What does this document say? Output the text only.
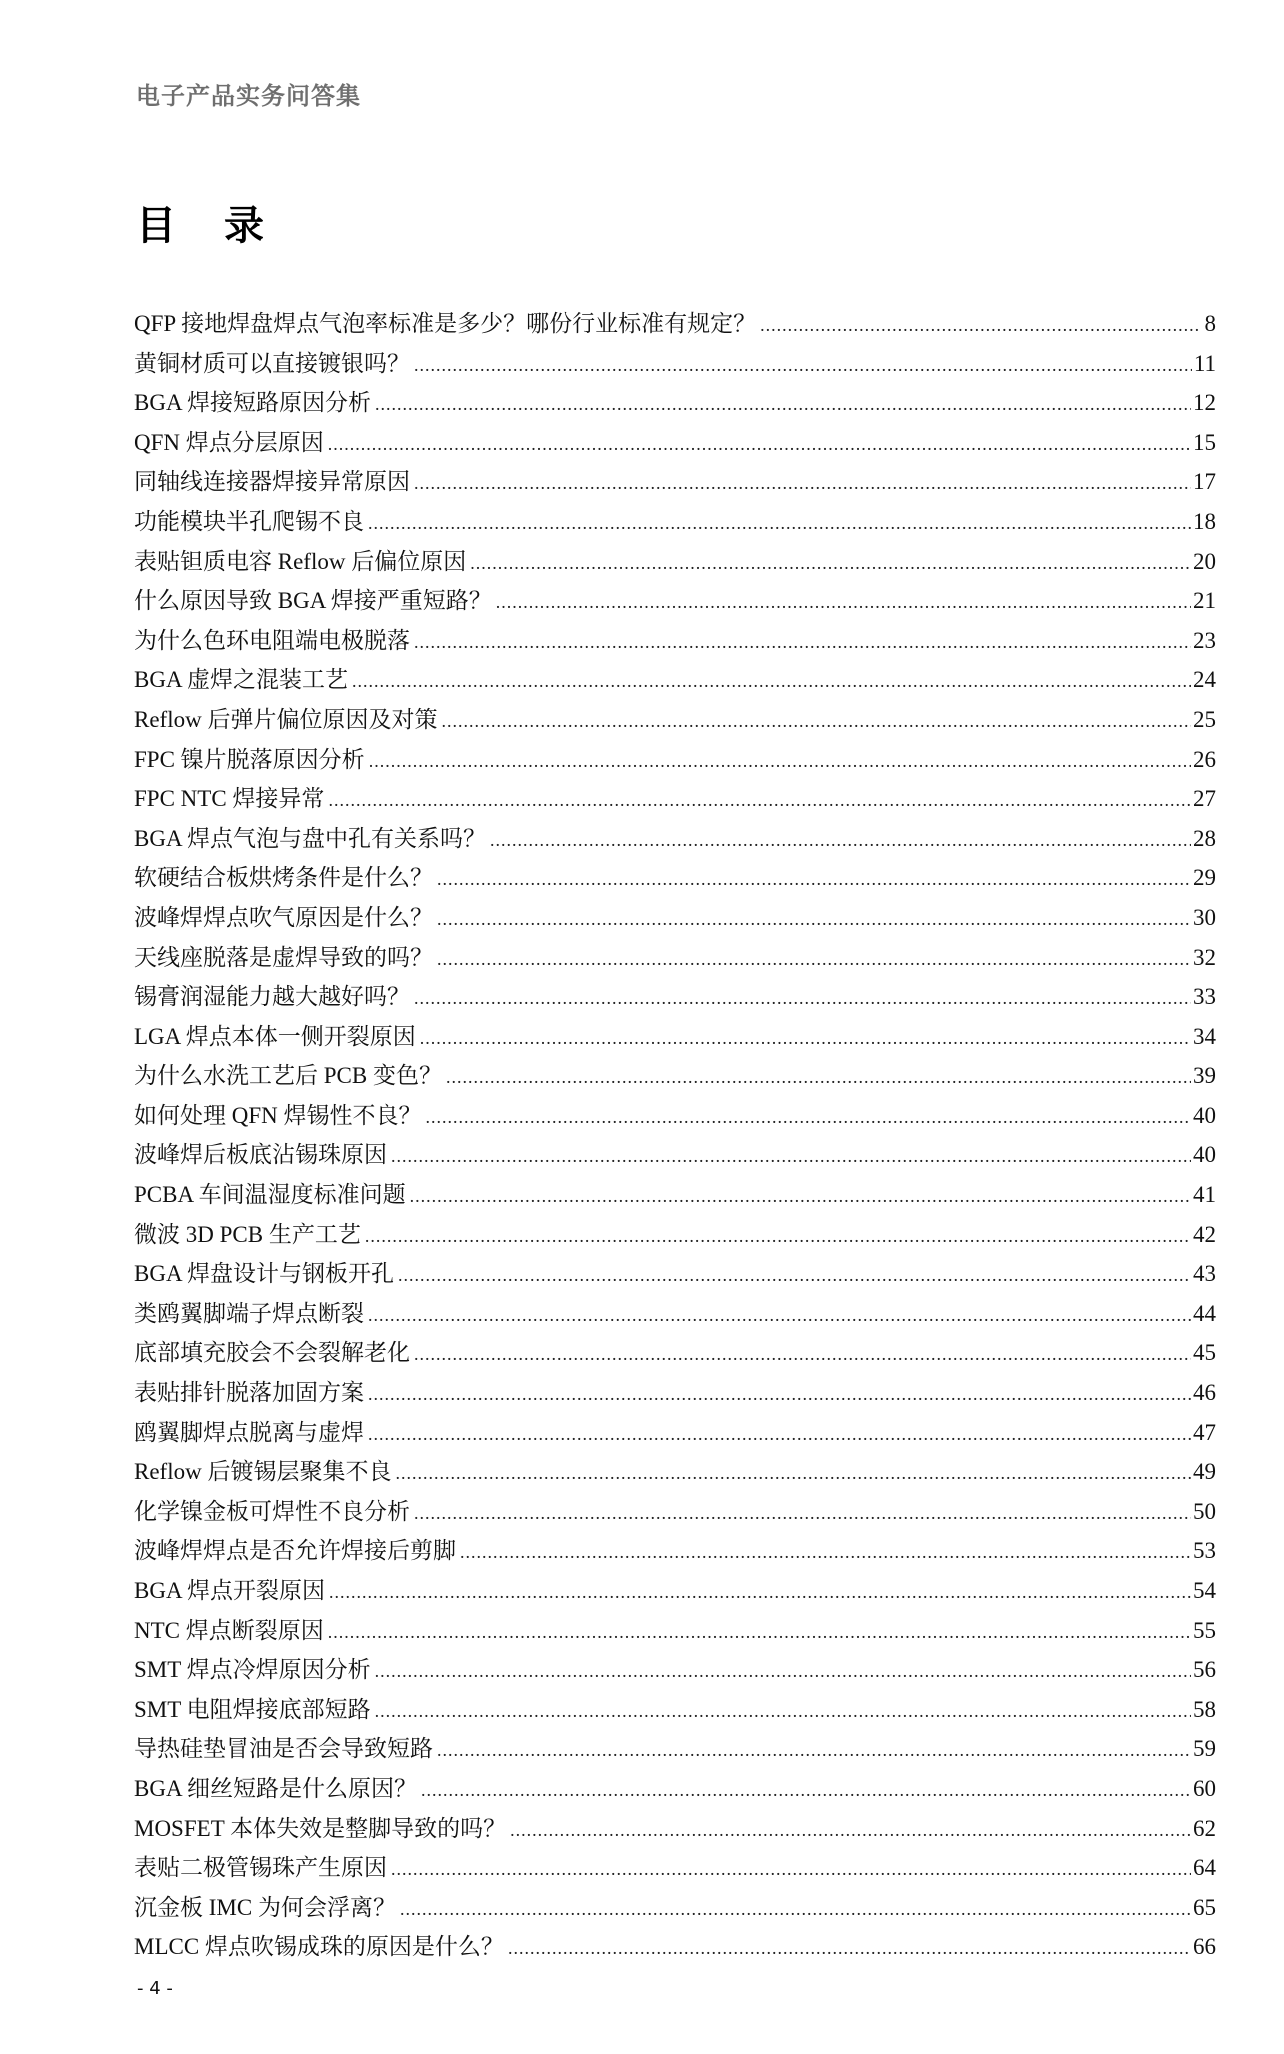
电子产品实务问答集
目 录
QFP 接地焊盘焊点气泡率标准是多少？哪份行业标准有规定？ .....	8
黄铜材质可以直接镀银吗？ .....	11
BGA 焊接短路原因分析 .....	12
QFN 焊点分层原因 .....	15
同轴线连接器焊接异常原因 .....	17
功能模块半孔爬锡不良 .....	18
表贴钽质电容 Reflow 后偏位原因 .....	20
什么原因导致 BGA 焊接严重短路？ .....	21
为什么色环电阻端电极脱落 .....	23
BGA 虚焊之混装工艺 .....	24
Reflow 后弹片偏位原因及对策 .....	25
FPC 镍片脱落原因分析 .....	26
FPC NTC 焊接异常 .....	27
BGA 焊点气泡与盘中孔有关系吗？ .....	28
软硬结合板烘烤条件是什么？ .....	29
波峰焊焊点吹气原因是什么？ .....	30
天线座脱落是虚焊导致的吗？ .....	32
锡膏润湿能力越大越好吗？ .....	33
LGA 焊点本体一侧开裂原因 .....	34
为什么水洗工艺后 PCB 变色？ .....	39
如何处理 QFN 焊锡性不良？ .....	40
波峰焊后板底沾锡珠原因 .....	40
PCBA 车间温湿度标准问题 .....	41
微波 3D PCB 生产工艺 .....	42
BGA 焊盘设计与钢板开孔 .....	43
类鸥翼脚端子焊点断裂 .....	44
底部填充胶会不会裂解老化 .....	45
表贴排针脱落加固方案 .....	46
鸥翼脚焊点脱离与虚焊 .....	47
Reflow 后镀锡层聚集不良 .....	49
化学镍金板可焊性不良分析 .....	50
波峰焊焊点是否允许焊接后剪脚 .....	53
BGA 焊点开裂原因 .....	54
NTC 焊点断裂原因 .....	55
SMT 焊点冷焊原因分析 .....	56
SMT 电阻焊接底部短路 .....	58
导热硅垫冒油是否会导致短路 .....	59
BGA 细丝短路是什么原因？ .....	60
MOSFET 本体失效是整脚导致的吗？ .....	62
表贴二极管锡珠产生原因 .....	64
沉金板 IMC 为何会浮离？ .....	65
MLCC 焊点吹锡成珠的原因是什么？ .....	66
- 4 -
